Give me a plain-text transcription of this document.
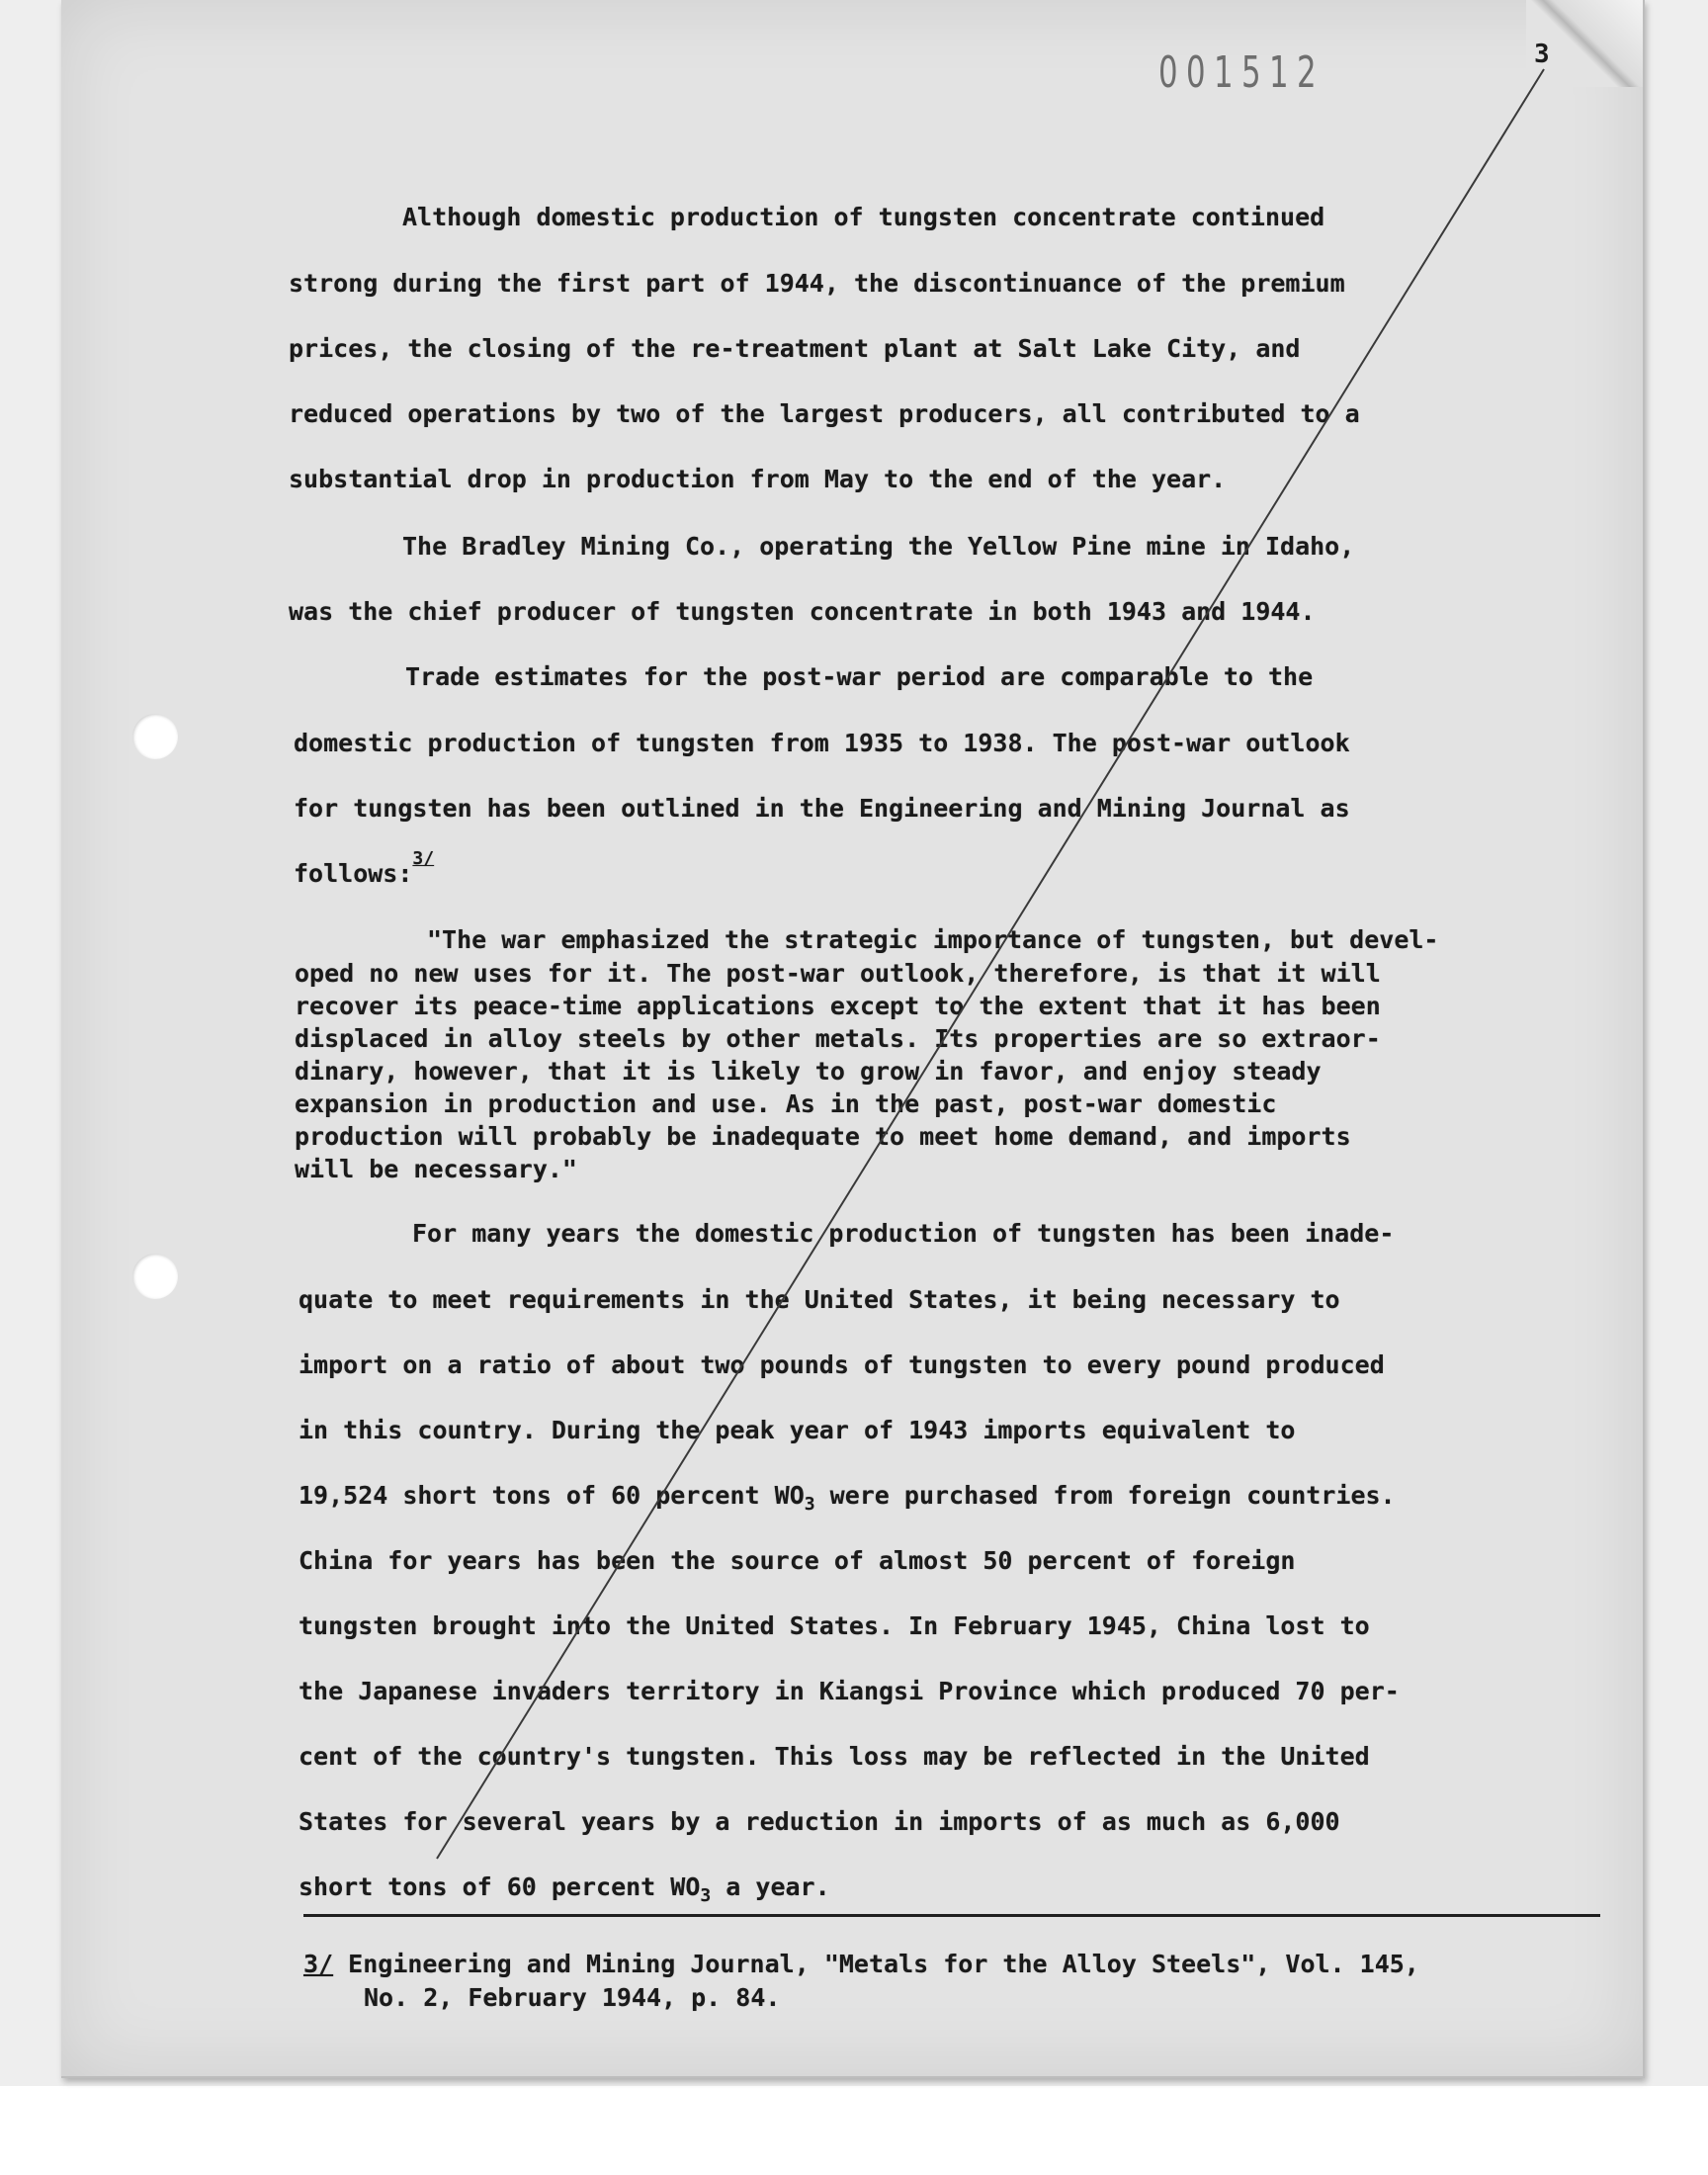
001512	3
Although domestic production of tungsten concentrate continued
strong during the first part of 1944, the discontinuance of the premium
prices, the closing of the re-treatment plant at Salt Lake City, and
reduced operations by two of the largest producers, all contributed to a
substantial drop in production from May to the end of the year.
The Bradley Mining Co., operating the Yellow Pine mine in Idaho,
was the chief producer of tungsten concentrate in both 1943 and 1944.
Trade estimates for the post-war period are comparable to the
domestic production of tungsten from 1935 to 1938. The post-war outlook
for tungsten has been outlined in the Engineering and Mining Journal as
follows:$^{3/}$
"The war emphasized the strategic importance of tungsten, but devel-
oped no new uses for it. The post-war outlook, therefore, is that it will
recover its peace-time applications except to the extent that it has been
displaced in alloy steels by other metals. Its properties are so extraor-
dinary, however, that it is likely to grow in favor, and enjoy steady
expansion in production and use. As in the past, post-war domestic
production will probably be inadequate to meet home demand, and imports
will be necessary."
For many years the domestic production of tungsten has been inade-
quate to meet requirements in the United States, it being necessary to
import on a ratio of about two pounds of tungsten to every pound produced
in this country. During the peak year of 1943 imports equivalent to
19,524 short tons of 60 percent $WO_3$ were purchased from foreign countries.
China for years has been the source of almost 50 percent of foreign
tungsten brought into the United States. In February 1945, China lost to
the Japanese invaders territory in Kiangsi Province which produced 70 per-
cent of the country's tungsten. This loss may be reflected in the United
States for several years by a reduction in imports of as much as 6,000
short tons of 60 percent $WO_3$ a year.
3/ Engineering and Mining Journal, "Metals for the Alloy Steels", Vol. 145,
No. 2, February 1944, p. 84.
